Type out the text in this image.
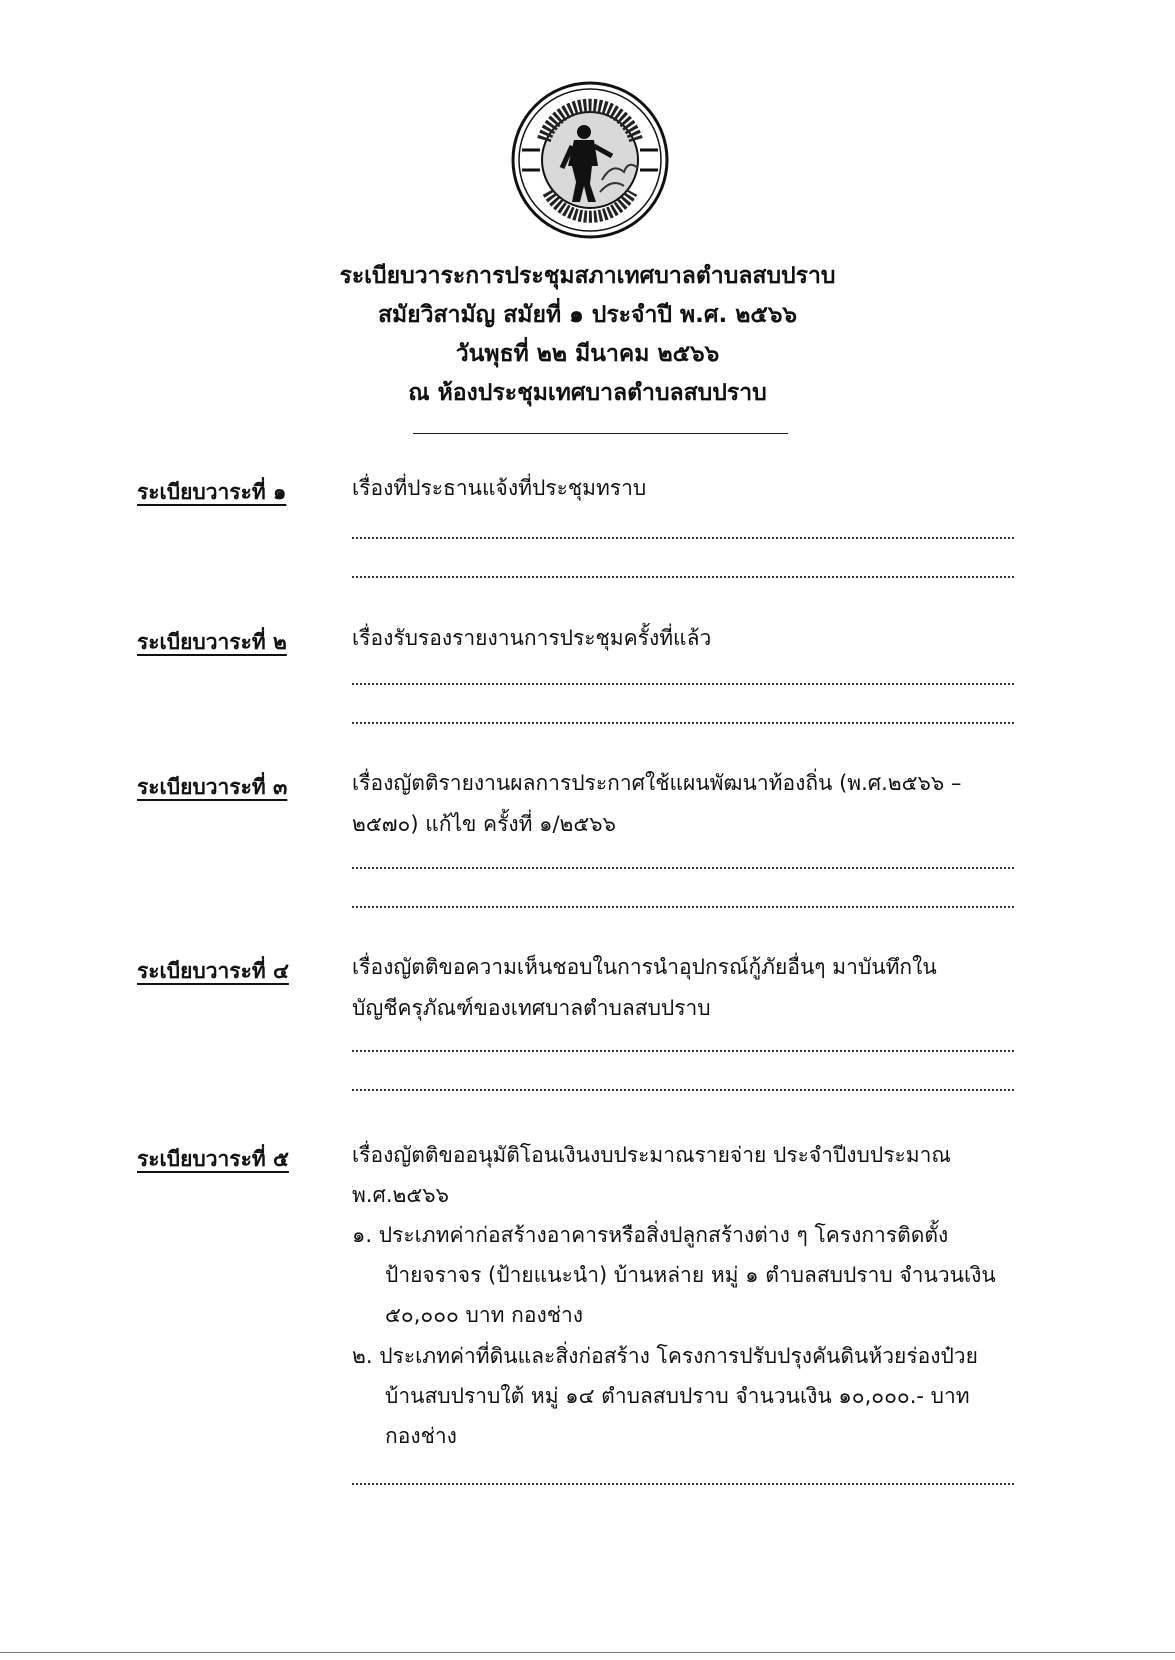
ระเบียบวาระการประชุมสภาเทศบาลตำบลสบปราบ
สมัยวิสามัญ สมัยที่ ๑ ประจำปี พ.ศ. ๒๕๖๖
วันพุธที่ ๒๒ มีนาคม ๒๕๖๖
ณ ห้องประชุมเทศบาลตำบลสบปราบ
ระเบียบวาระที่ ๑	เรื่องที่ประธานแจ้งที่ประชุมทราบ
ระเบียบวาระที่ ๒	เรื่องรับรองรายงานการประชุมครั้งที่แล้ว
ระเบียบวาระที่ ๓	เรื่องญัตติรายงานผลการประกาศใช้แผนพัฒนาท้องถิ่น (พ.ศ.๒๕๖๖ –
๒๕๗๐) แก้ไข ครั้งที่ ๑/๒๕๖๖
ระเบียบวาระที่ ๔	เรื่องญัตติขอความเห็นชอบในการนำอุปกรณ์กู้ภัยอื่นๆ มาบันทึกใน
บัญชีครุภัณฑ์ของเทศบาลตำบลสบปราบ
ระเบียบวาระที่ ๕	เรื่องญัตติขออนุมัติโอนเงินงบประมาณรายจ่าย ประจำปีงบประมาณ
พ.ศ.๒๕๖๖
๑. ประเภทค่าก่อสร้างอาคารหรือสิ่งปลูกสร้างต่าง ๆ โครงการติดตั้ง
ป้ายจราจร (ป้ายแนะนำ) บ้านหล่าย หมู่ ๑ ตำบลสบปราบ จำนวนเงิน
๕๐,๐๐๐ บาท กองช่าง
๒. ประเภทค่าที่ดินและสิ่งก่อสร้าง โครงการปรับปรุงคันดินห้วยร่องป๋วย
บ้านสบปราบใต้ หมู่ ๑๔ ตำบลสบปราบ จำนวนเงิน ๑๐,๐๐๐.- บาท
กองช่าง
